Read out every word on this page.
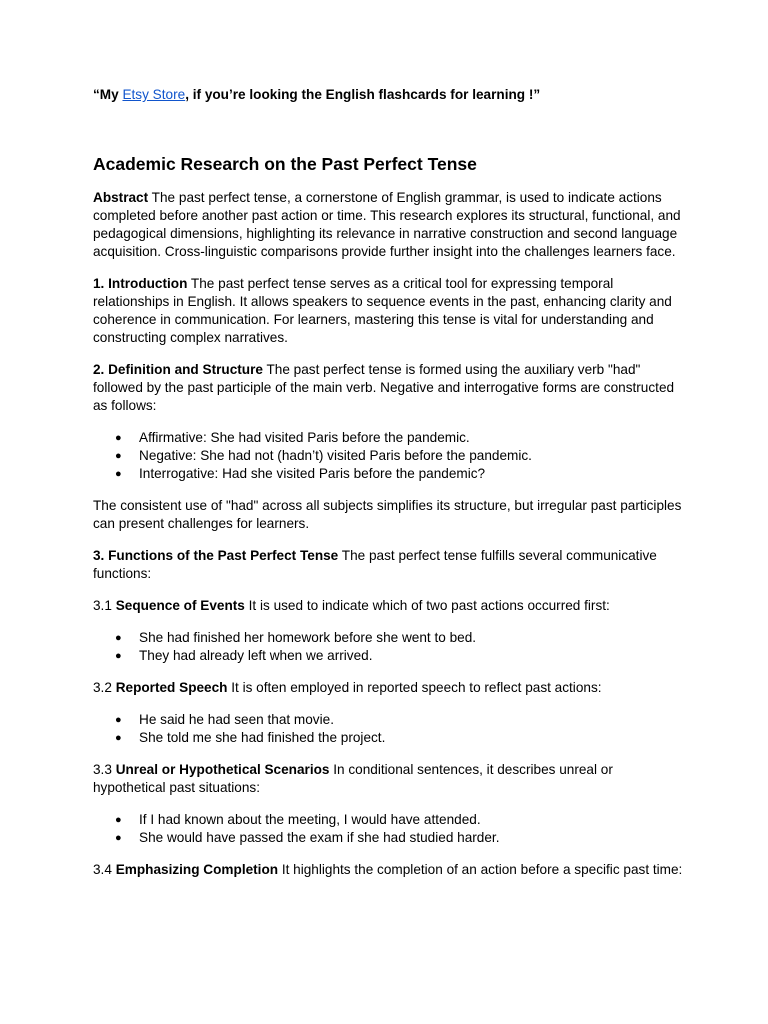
“My Etsy Store, if you’re looking the English flashcards for learning !”

Academic Research on the Past Perfect Tense

Abstract The past perfect tense, a cornerstone of English grammar, is used to indicate actions completed before another past action or time. This research explores its structural, functional, and pedagogical dimensions, highlighting its relevance in narrative construction and second language acquisition. Cross-linguistic comparisons provide further insight into the challenges learners face.

1. Introduction The past perfect tense serves as a critical tool for expressing temporal relationships in English. It allows speakers to sequence events in the past, enhancing clarity and coherence in communication. For learners, mastering this tense is vital for understanding and constructing complex narratives.

2. Definition and Structure The past perfect tense is formed using the auxiliary verb "had" followed by the past participle of the main verb. Negative and interrogative forms are constructed as follows:

● Affirmative: She had visited Paris before the pandemic.
● Negative: She had not (hadn’t) visited Paris before the pandemic.
● Interrogative: Had she visited Paris before the pandemic?

The consistent use of "had" across all subjects simplifies its structure, but irregular past participles can present challenges for learners.

3. Functions of the Past Perfect Tense The past perfect tense fulfills several communicative functions:

3.1 Sequence of Events It is used to indicate which of two past actions occurred first:

● She had finished her homework before she went to bed.
● They had already left when we arrived.

3.2 Reported Speech It is often employed in reported speech to reflect past actions:

● He said he had seen that movie.
● She told me she had finished the project.

3.3 Unreal or Hypothetical Scenarios In conditional sentences, it describes unreal or hypothetical past situations:

● If I had known about the meeting, I would have attended.
● She would have passed the exam if she had studied harder.

3.4 Emphasizing Completion It highlights the completion of an action before a specific past time:
